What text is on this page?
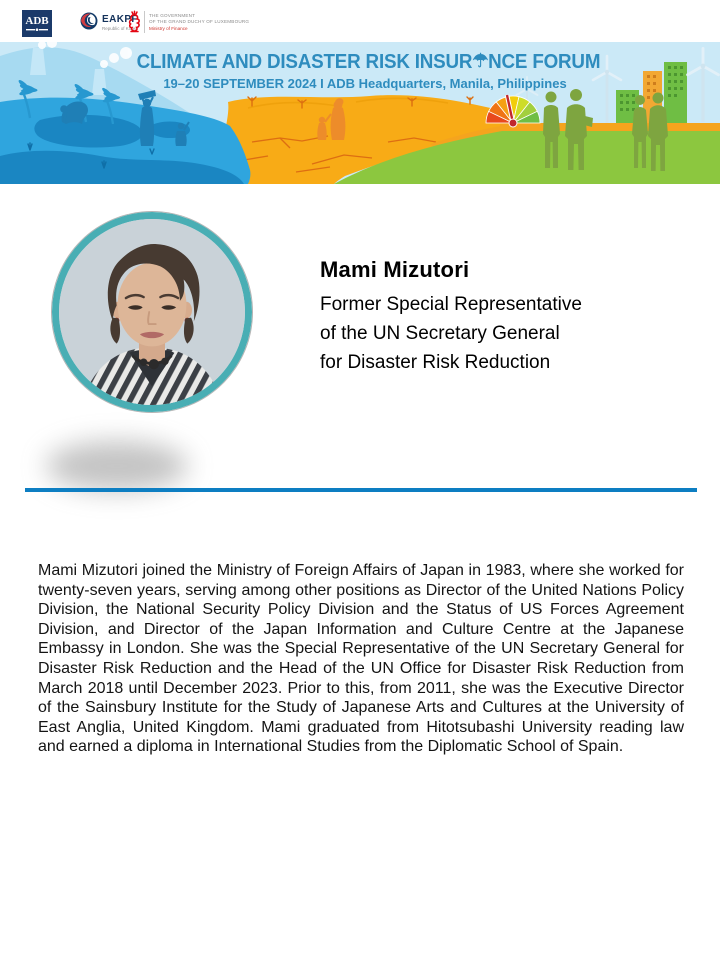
ADB	EAKPF
Republic of Korea
THE GOVERNMENT
OF THE GRAND DUCHY OF LUXEMBOURG
Ministry of Finance
CLIMATE AND DISASTER RISK INSUR☂NCE FORUM
19–20 SEPTEMBER 2024 I ADB Headquarters, Manila, Philippines
Mami Mizutori
Former Special Representative
of the UN Secretary General
for Disaster Risk Reduction

Mami Mizutori joined the Ministry of Foreign Affairs of Japan in 1983, where she worked for twenty-seven years, serving among other positions as Director of the United Nations Policy Division, the National Security Policy Division and the Status of US Forces Agreement Division, and Director of the Japan Information and Culture Centre at the Japanese Embassy in London. She was the Special Representative of the UN Secretary General for Disaster Risk Reduction and the Head of the UN Office for Disaster Risk Reduction from March 2018 until December 2023. Prior to this, from 2011, she was the Executive Director of the Sainsbury Institute for the Study of Japanese Arts and Cultures at the University of East Anglia, United Kingdom. Mami graduated from Hitotsubashi University reading law and earned a diploma in International Studies from the Diplomatic School of Spain.
